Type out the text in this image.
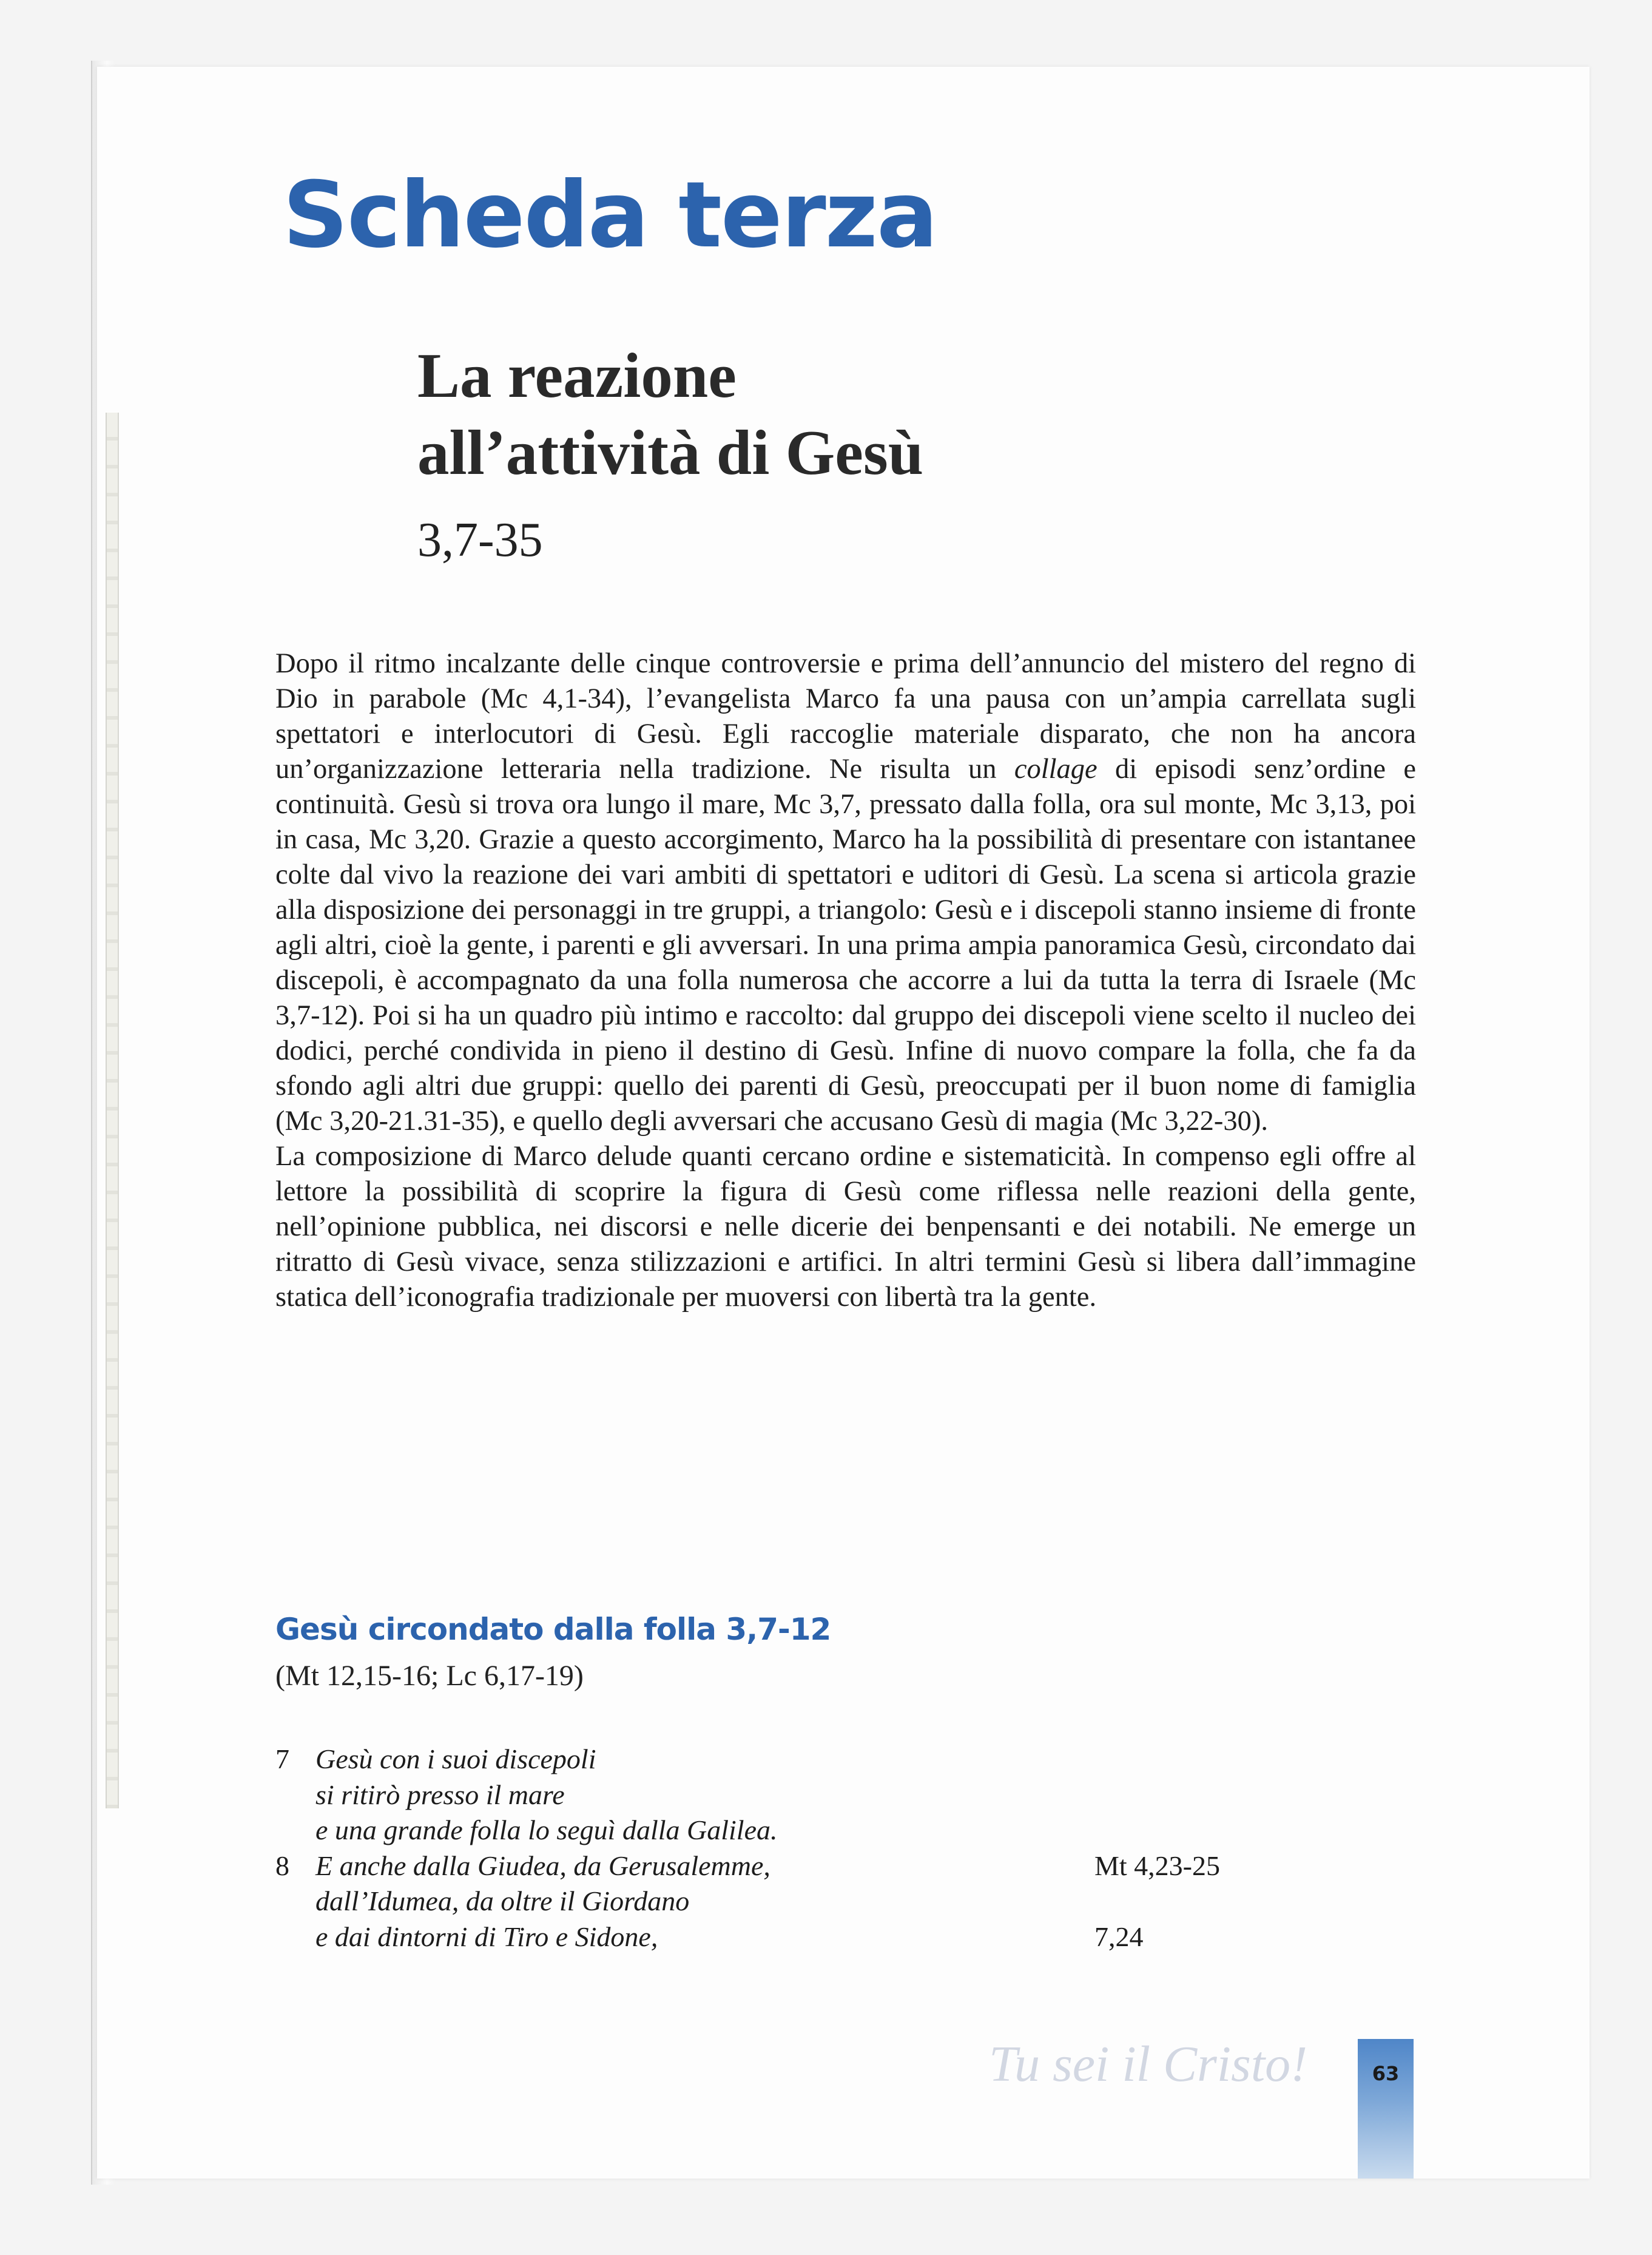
Scheda terza
La reazione
all’attività di Gesù
3,7-35

Dopo il ritmo incalzante delle cinque controversie e prima dell’annuncio del mistero del regno di Dio in parabole (Mc 4,1-34), l’evangelista Marco fa una pausa con un’ampia carrellata sugli spettatori e interlocutori di Gesù. Egli raccoglie materiale disparato, che non ha ancora un’organizzazione letteraria nella tradizione. Ne risulta un collage di episodi senz’ordine e continuità. Gesù si trova ora lungo il mare, Mc 3,7, pressato dalla folla, ora sul monte, Mc 3,13, poi in casa, Mc 3,20. Grazie a questo accorgimento, Marco ha la possibilità di presentare con istantanee colte dal vivo la reazione dei vari ambiti di spettatori e uditori di Gesù. La scena si articola grazie alla disposizione dei personaggi in tre gruppi, a triangolo: Gesù e i discepoli stanno insieme di fronte agli altri, cioè la gente, i parenti e gli avversari. In una prima ampia panoramica Gesù, circondato dai discepoli, è accompagnato da una folla numerosa che accorre a lui da tutta la terra di Israele (Mc 3,7-12). Poi si ha un quadro più intimo e raccolto: dal gruppo dei discepoli viene scelto il nucleo dei dodici, perché condivida in pieno il destino di Gesù. Infine di nuovo compare la folla, che fa da sfondo agli altri due gruppi: quello dei parenti di Gesù, preoccupati per il buon nome di famiglia (Mc 3,20-21.31-35), e quello degli avversari che accusano Gesù di magia (Mc 3,22-30).

La composizione di Marco delude quanti cercano ordine e sistematicità. In compenso egli offre al lettore la possibilità di scoprire la figura di Gesù come riflessa nelle reazioni della gente, nell’opinione pubblica, nei discorsi e nelle dicerie dei benpensanti e dei notabili. Ne emerge un ritratto di Gesù vivace, senza stilizzazioni e artifici. In altri termini Gesù si libera dall’immagine statica dell’iconografia tradizionale per muoversi con libertà tra la gente.

Gesù circondato dalla folla 3,7-12
(Mt 12,15-16; Lc 6,17-19)
7 Gesù con i suoi discepoli
si ritirò presso il mare
e una grande folla lo seguì dalla Galilea.
8 E anche dalla Giudea, da Gerusalemme,	Mt 4,23-25
dall’Idumea, da oltre il Giordano
e dai dintorni di Tiro e Sidone,	7,24
Tu sei il Cristo!	63
